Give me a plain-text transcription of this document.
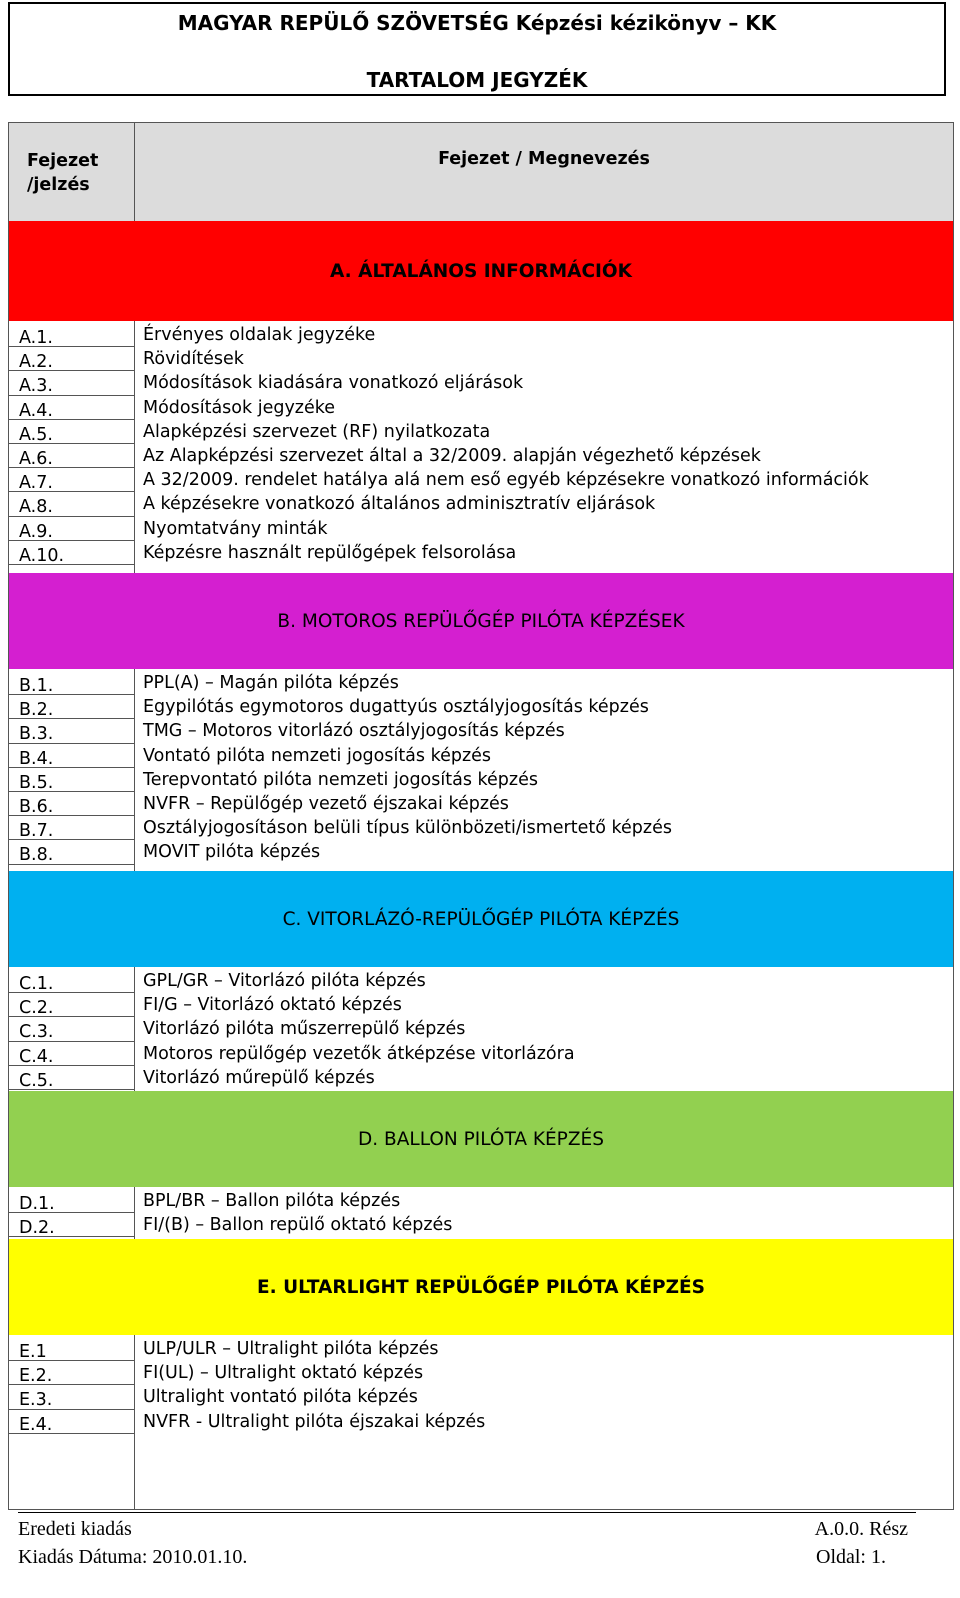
MAGYAR REPÜLŐ SZÖVETSÉG Képzési kézikönyv – KK
TARTALOM JEGYZÉK
Fejezet /jelzés
Fejezet / Megnevezés
A. ÁLTALÁNOS INFORMÁCIÓK
A.1.
A.2.
A.3.
A.4.
A.5.
A.6.
A.7.
A.8.
A.9.
A.10.
Érvényes oldalak jegyzéke
Rövidítések
Módosítások kiadására vonatkozó eljárások
Módosítások jegyzéke
Alapképzési szervezet (RF) nyilatkozata
Az Alapképzési szervezet által a 32/2009. alapján végezhető képzések
A 32/2009. rendelet hatálya alá nem eső egyéb képzésekre vonatkozó információk
A képzésekre vonatkozó általános adminisztratív eljárások
Nyomtatvány minták
Képzésre használt repülőgépek felsorolása
B. MOTOROS REPÜLŐGÉP PILÓTA KÉPZÉSEK
B.1.
B.2.
B.3.
B.4.
B.5.
B.6.
B.7.
B.8.
PPL(A) – Magán pilóta képzés
Egypilótás egymotoros dugattyús osztályjogosítás képzés
TMG – Motoros vitorlázó osztályjogosítás képzés
Vontató pilóta nemzeti jogosítás képzés
Terepvontató pilóta nemzeti jogosítás képzés
NVFR – Repülőgép vezető éjszakai képzés
Osztályjogosításon belüli típus különbözeti/ismertető képzés
MOVIT pilóta képzés
C. VITORLÁZÓ-REPÜLŐGÉP PILÓTA KÉPZÉS
C.1.
C.2.
C.3.
C.4.
C.5.
GPL/GR – Vitorlázó pilóta képzés
FI/G – Vitorlázó oktató képzés
Vitorlázó pilóta műszerrepülő képzés
Motoros repülőgép vezetők átképzése vitorlázóra
Vitorlázó műrepülő képzés
D. BALLON PILÓTA KÉPZÉS
D.1.
D.2.
BPL/BR – Ballon pilóta képzés
FI/(B) – Ballon repülő oktató képzés
E. ULTARLIGHT REPÜLŐGÉP PILÓTA KÉPZÉS
E.1
E.2.
E.3.
E.4.
ULP/ULR – Ultralight pilóta képzés
FI(UL) – Ultralight oktató képzés
Ultralight vontató pilóta képzés
NVFR - Ultralight pilóta éjszakai képzés
Eredeti kiadás	A.0.0. Rész
Kiadás Dátuma: 2010.01.10.	Oldal: 1.
